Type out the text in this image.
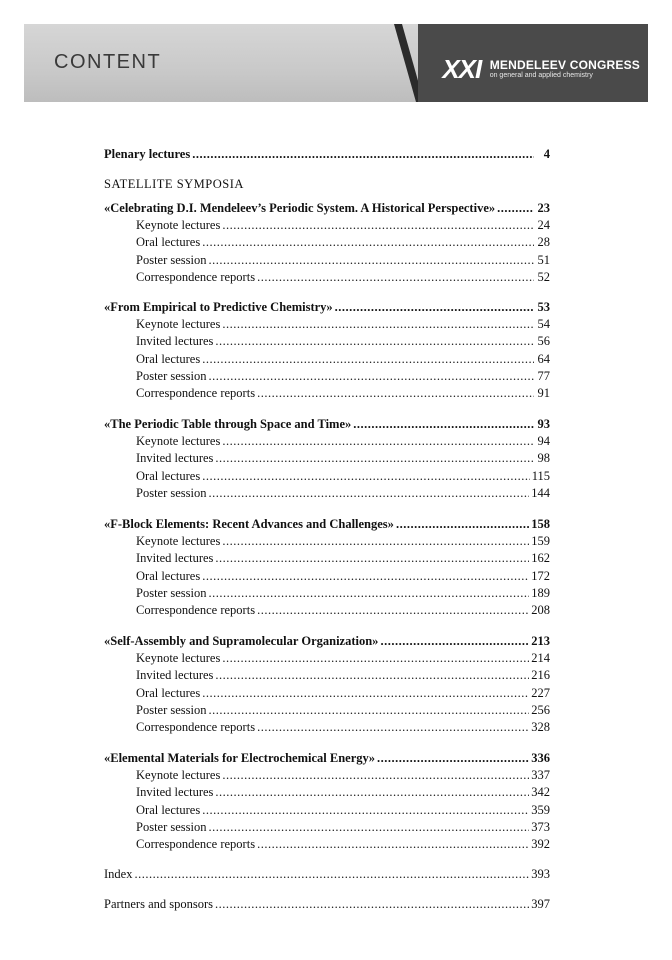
CONTENT	XXI MENDELEEV CONGRESS
on general and applied chemistry
Plenary lectures .....	4
SATELLITE SYMPOSIA
«Celebrating D.I. Mendeleev’s Periodic System. A Historical Perspective» .....	23
Keynote lectures .....	24
Oral lectures .....	28
Poster session .....	51
Correspondence reports .....	52
«From Empirical to Predictive Chemistry» .....	53
Keynote lectures .....	54
Invited lectures .....	56
Oral lectures .....	64
Poster session .....	77
Correspondence reports .....	91
«The Periodic Table through Space and Time» .....	93
Keynote lectures .....	94
Invited lectures .....	98
Oral lectures .....	115
Poster session .....	144
«F-Block Elements: Recent Advances and Challenges» .....	158
Keynote lectures .....	159
Invited lectures .....	162
Oral lectures .....	172
Poster session .....	189
Correspondence reports .....	208
«Self-Assembly and Supramolecular Organization» .....	213
Keynote lectures .....	214
Invited lectures .....	216
Oral lectures .....	227
Poster session .....	256
Correspondence reports .....	328
«Elemental Materials for Electrochemical Energy» .....	336
Keynote lectures .....	337
Invited lectures .....	342
Oral lectures .....	359
Poster session .....	373
Correspondence reports .....	392
Index .....	393
Partners and sponsors .....	397
